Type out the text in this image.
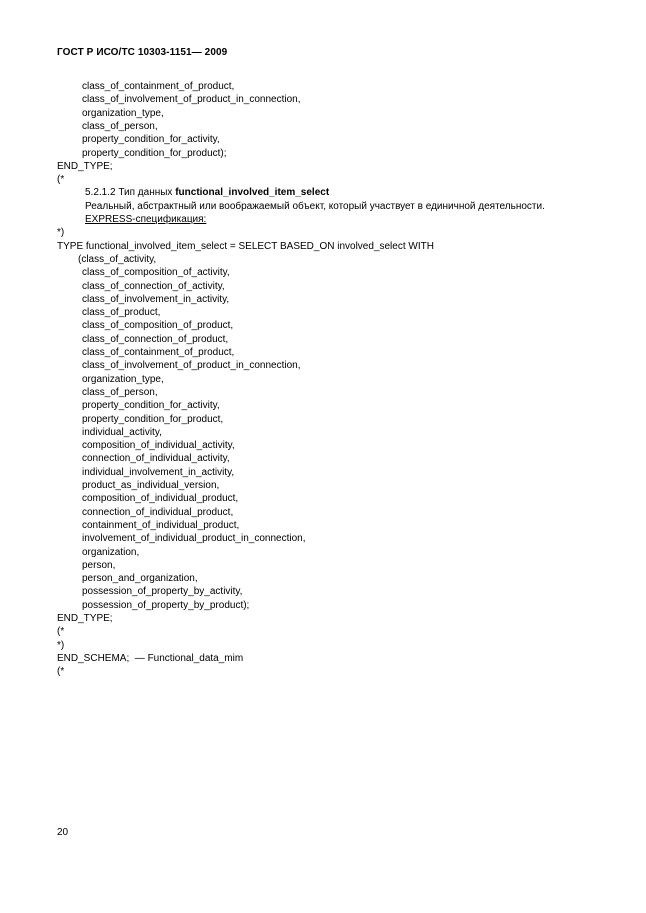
ГОСТ Р ИСО/ТС 10303-1151— 2009
class_of_containment_of_product,
class_of_involvement_of_product_in_connection,
organization_type,
class_of_person,
property_condition_for_activity,
property_condition_for_product);
END_TYPE;
(*
5.2.1.2 Тип данных functional_involved_item_select
Реальный, абстрактный или воображаемый объект, который участвует в единичной деятельности.
EXPRESS-спецификация:
*)
TYPE functional_involved_item_select = SELECT BASED_ON involved_select WITH
(class_of_activity,
class_of_composition_of_activity,
class_of_connection_of_activity,
class_of_involvement_in_activity,
class_of_product,
class_of_composition_of_product,
class_of_connection_of_product,
class_of_containment_of_product,
class_of_involvement_of_product_in_connection,
organization_type,
class_of_person,
property_condition_for_activity,
property_condition_for_product,
individual_activity,
composition_of_individual_activity,
connection_of_individual_activity,
individual_involvement_in_activity,
product_as_individual_version,
composition_of_individual_product,
connection_of_individual_product,
containment_of_individual_product,
involvement_of_individual_product_in_connection,
organization,
person,
person_and_organization,
possession_of_property_by_activity,
possession_of_property_by_product);
END_TYPE;
(*
*)
END_SCHEMA;  — Functional_data_mim
(*
20
